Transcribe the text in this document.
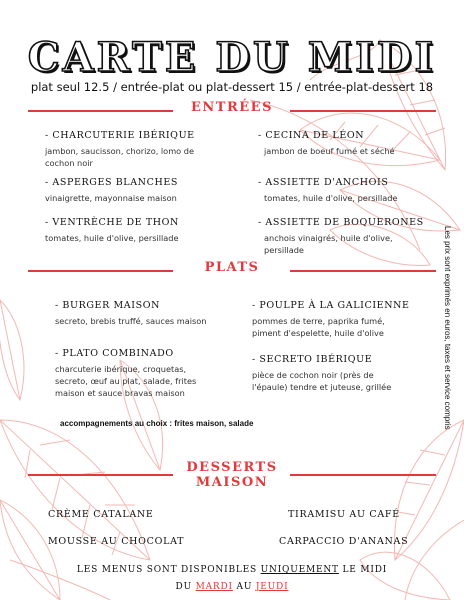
CARTE DU MIDI
plat seul 12.5 / entrée-plat ou plat-dessert 15 / entrée-plat-dessert 18
ENTRÉES
- CHARCUTERIE IBÉRIQUE
jambon, saucisson, chorizo, lomo de
cochon noir
- ASPERGES BLANCHES
vinaigrette, mayonnaise maison
- VENTRÈCHE DE THON
tomates, huile d'olive, persillade
- CECINA DE LÉON
jambon de boeuf fumé et séché
- ASSIETTE D'ANCHOIS
tomates, huile d'olive, persillade
- ASSIETTE DE BOQUERONES
anchois vinaigrés, huile d'olive,
persillade
PLATS
- BURGER MAISON
secreto, brebis truffé, sauces maison
- PLATO COMBINADO
charcuterie ibérique, croquetas,
secreto, œuf au plat, salade, frites
maison et sauce bravas maison
- POULPE À LA GALICIENNE
pommes de terre, paprika fumé,
piment d'espelette, huile d'olive
- SECRETO IBÉRIQUE
pièce de cochon noir (près de
l'épaule) tendre et juteuse, grillée
accompagnements au choix : frites maison, salade
DESSERTS
MAISON
CRÈME CATALANE	TIRAMISU AU CAFÉ
MOUSSE AU CHOCOLAT	CARPACCIO D'ANANAS
LES MENUS SONT DISPONIBLES UNIQUEMENT LE MIDI
DU MARDI AU JEUDI
Les prix sont exprimés en euros, taxes et service compris
